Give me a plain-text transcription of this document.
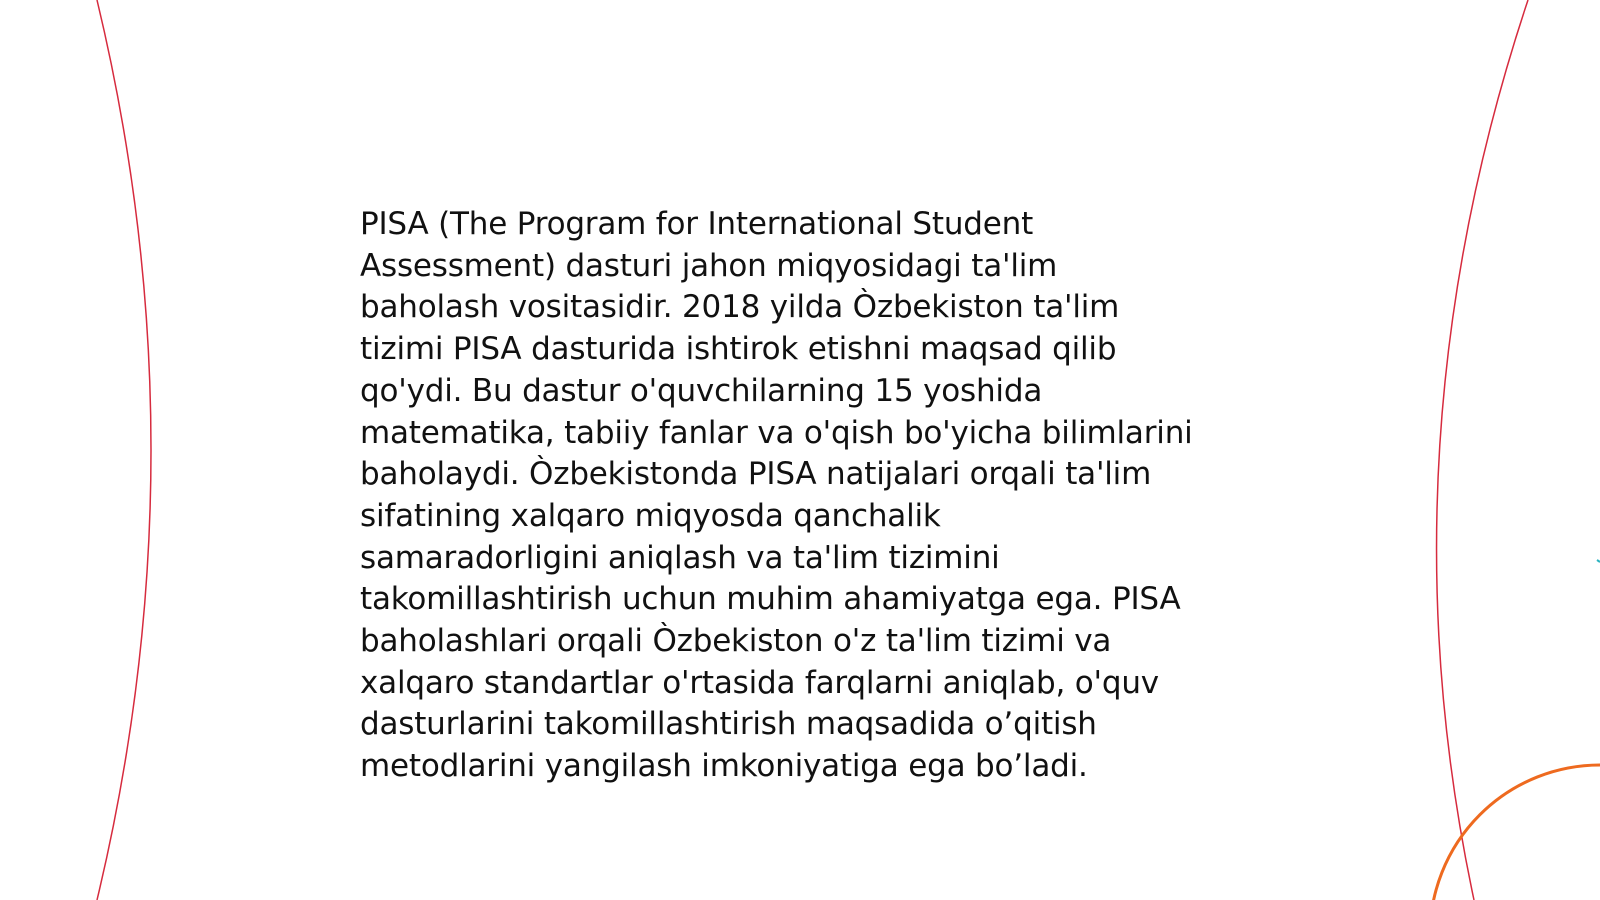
PISA (The Program for International Student
Assessment) dasturi jahon miqyosidagi ta'lim
baholash vositasidir. 2018 yilda Òzbekiston ta'lim
tizimi PISA dasturida ishtirok etishni maqsad qilib
qo'ydi. Bu dastur o'quvchilarning 15 yoshida
matematika, tabiiy fanlar va o'qish bo'yicha bilimlarini
baholaydi. Òzbekistonda PISA natijalari orqali ta'lim
sifatining xalqaro miqyosda qanchalik
samaradorligini aniqlash va ta'lim tizimini
takomillashtirish uchun muhim ahamiyatga ega. PISA
baholashlari orqali Òzbekiston o'z ta'lim tizimi va
xalqaro standartlar o'rtasida farqlarni aniqlab, o'quv
dasturlarini takomillashtirish maqsadida o’qitish
metodlarini yangilash imkoniyatiga ega bo’ladi.
